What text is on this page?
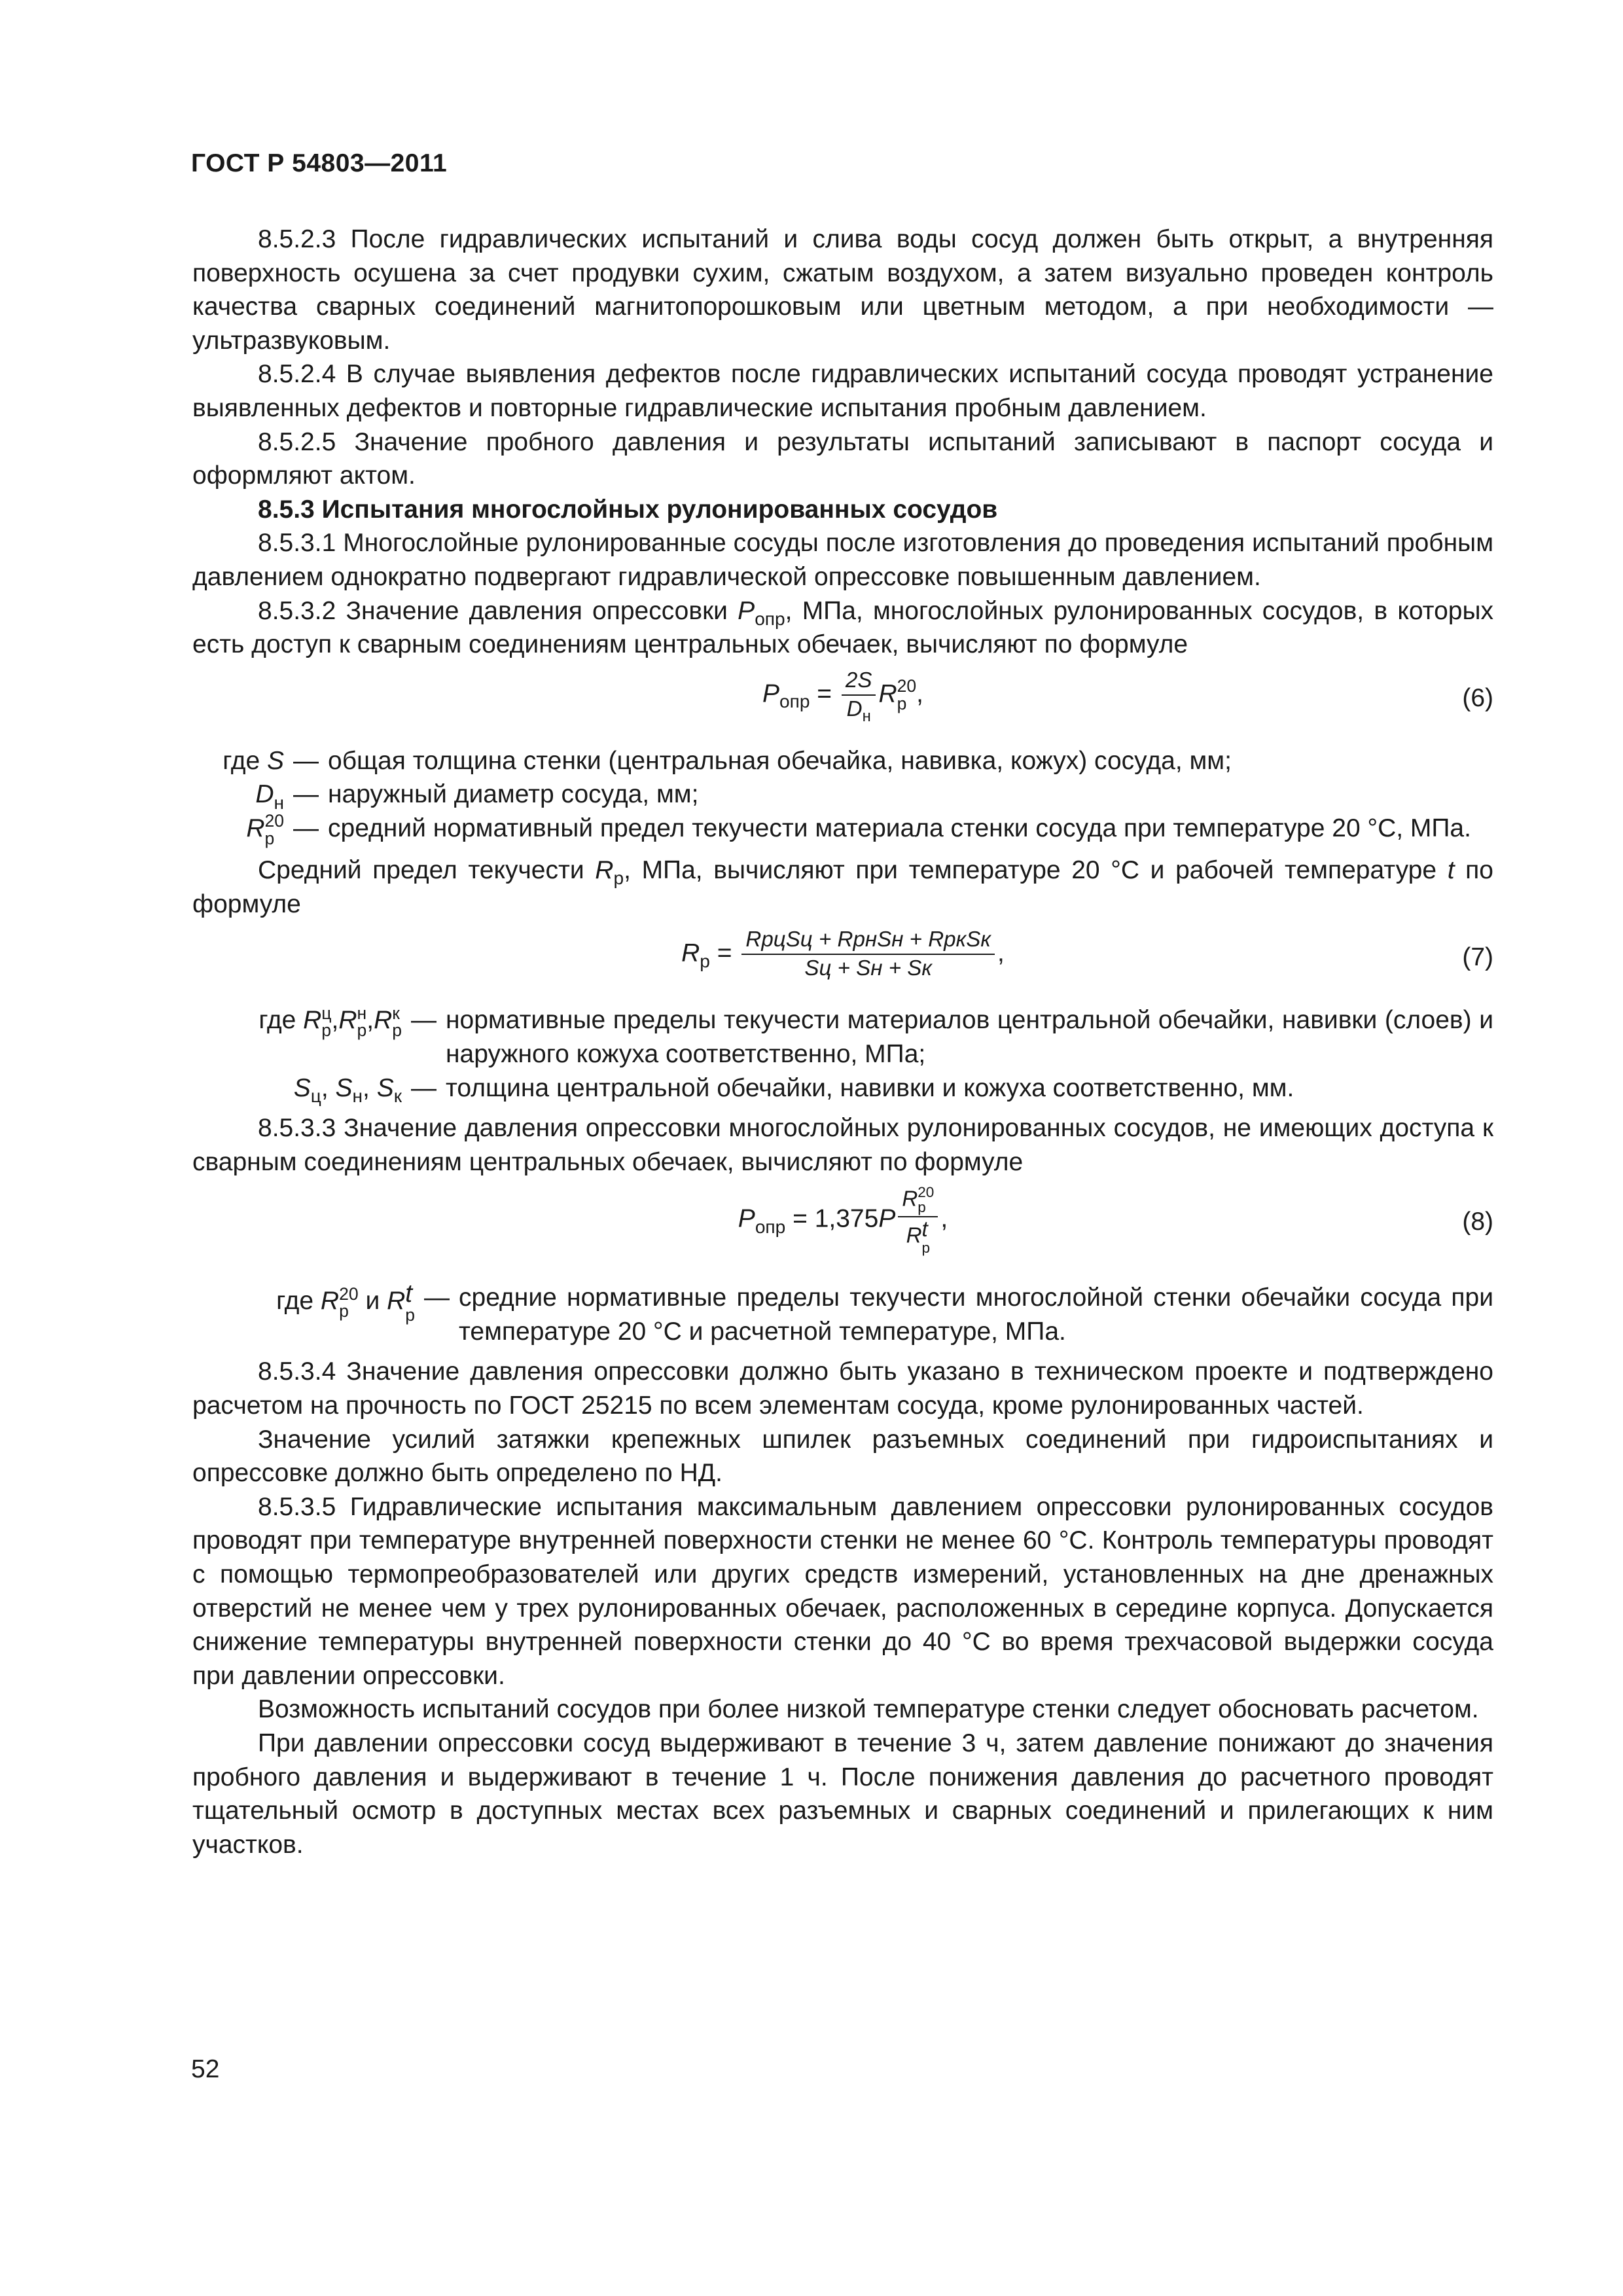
ГОСТ Р 54803—2011

8.5.2.3 После гидравлических испытаний и слива воды сосуд должен быть открыт, а внутренняя поверхность осушена за счет продувки сухим, сжатым воздухом, а затем визуально проведен контроль качества сварных соединений магнитопорошковым или цветным методом, а при необходимости — ультразвуковым.

8.5.2.4 В случае выявления дефектов после гидравлических испытаний сосуда проводят устранение выявленных дефектов и повторные гидравлические испытания пробным давлением.

8.5.2.5 Значение пробного давления и результаты испытаний записывают в паспорт сосуда и оформляют актом.

8.5.3 Испытания многослойных рулонированных сосудов

8.5.3.1 Многослойные рулонированные сосуды после изготовления до проведения испытаний пробным давлением однократно подвергают гидравлической опрессовке повышенным давлением.

8.5.3.2 Значение давления опрессовки $P_{опр}$, МПа, многослойных рулонированных сосудов, в которых есть доступ к сварным соединениям центральных обечаек, вычисляют по формуле

$P_{опр} = \frac{2S}{D_н}$ R 20
р ,	(6)
где S — общая толщина стенки (центральная обечайка, навивка, кожух) сосуда, мм;
$D_н$ — наружный диаметр сосуда, мм;
R 20
р — средний нормативный предел текучести материала стенки сосуда при температуре 20 °С, МПа.

Средний предел текучести $R_р$, МПа, вычисляют при температуре 20 °С и рабочей температуре t по формуле

$R_р = \frac{\text{RрцSц + RрнSн + RркSк}}{Sц + Sн + Sк}$ ,	(7)
где R ц
р ,R н
р ,R к
р — нормативные пределы текучести материалов центральной обечайки, навивки (слоев) и наружного кожуха соответственно, МПа;
$S_ц$, $S_н$, $S_к$ — толщина центральной обечайки, навивки и кожуха соответственно, мм.

8.5.3.3 Значение давления опрессовки многослойных рулонированных сосудов, не имеющих доступа к сварным соединениям центральных обечаек, вычисляют по формуле

$P_{опр} = 1,375P$ R 20
р
R t
р ,	(8)
где R 20
р и R t
р
— средние нормативные пределы текучести многослойной стенки обечайки сосуда при температуре 20 °С и расчетной температуре, МПа.

8.5.3.4 Значение давления опрессовки должно быть указано в техническом проекте и подтверждено расчетом на прочность по ГОСТ 25215 по всем элементам сосуда, кроме рулонированных частей.

Значение усилий затяжки крепежных шпилек разъемных соединений при гидроиспытаниях и опрессовке должно быть определено по НД.

8.5.3.5 Гидравлические испытания максимальным давлением опрессовки рулонированных сосудов проводят при температуре внутренней поверхности стенки не менее 60 °С. Контроль температуры проводят с помощью термопреобразователей или других средств измерений, установленных на дне дренажных отверстий не менее чем у трех рулонированных обечаек, расположенных в середине корпуса. Допускается снижение температуры внутренней поверхности стенки до 40 °С во время трехчасовой выдержки сосуда при давлении опрессовки.

Возможность испытаний сосудов при более низкой температуре стенки следует обосновать расчетом.

При давлении опрессовки сосуд выдерживают в течение 3 ч, затем давление понижают до значения пробного давления и выдерживают в течение 1 ч. После понижения давления до расчетного проводят тщательный осмотр в доступных местах всех разъемных и сварных соединений и прилегающих к ним участков.

52
